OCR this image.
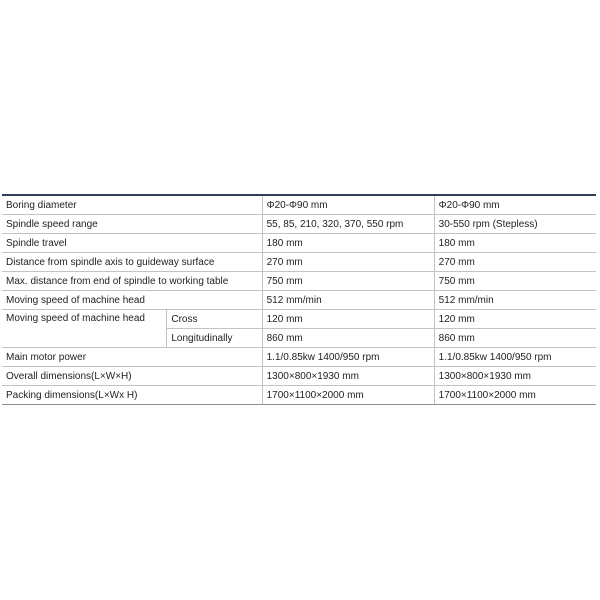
Boring diameter		Φ20-Φ90 mm	Φ20-Φ90 mm
Spindle speed range		55, 85, 210, 320, 370, 550 rpm	30-550 rpm (Stepless)
Spindle travel		180 mm	180 mm
Distance from spindle axis to guideway surface		270 mm	270 mm
Max. distance from end of spindle to working table		750 mm	750 mm
Moving speed of machine head		512 mm/min	512 mm/min
Moving speed of machine head	Cross	120 mm	120 mm
	Longitudinally	860 mm	860 mm
Main motor power		1.1/0.85kw 1400/950 rpm	1.1/0.85kw 1400/950 rpm
Overall dimensions(L×W×H)		1300×800×1930 mm	1300×800×1930 mm
Packing dimensions(L×Wx H)		1700×1100×2000 mm	1700×1100×2000 mm
